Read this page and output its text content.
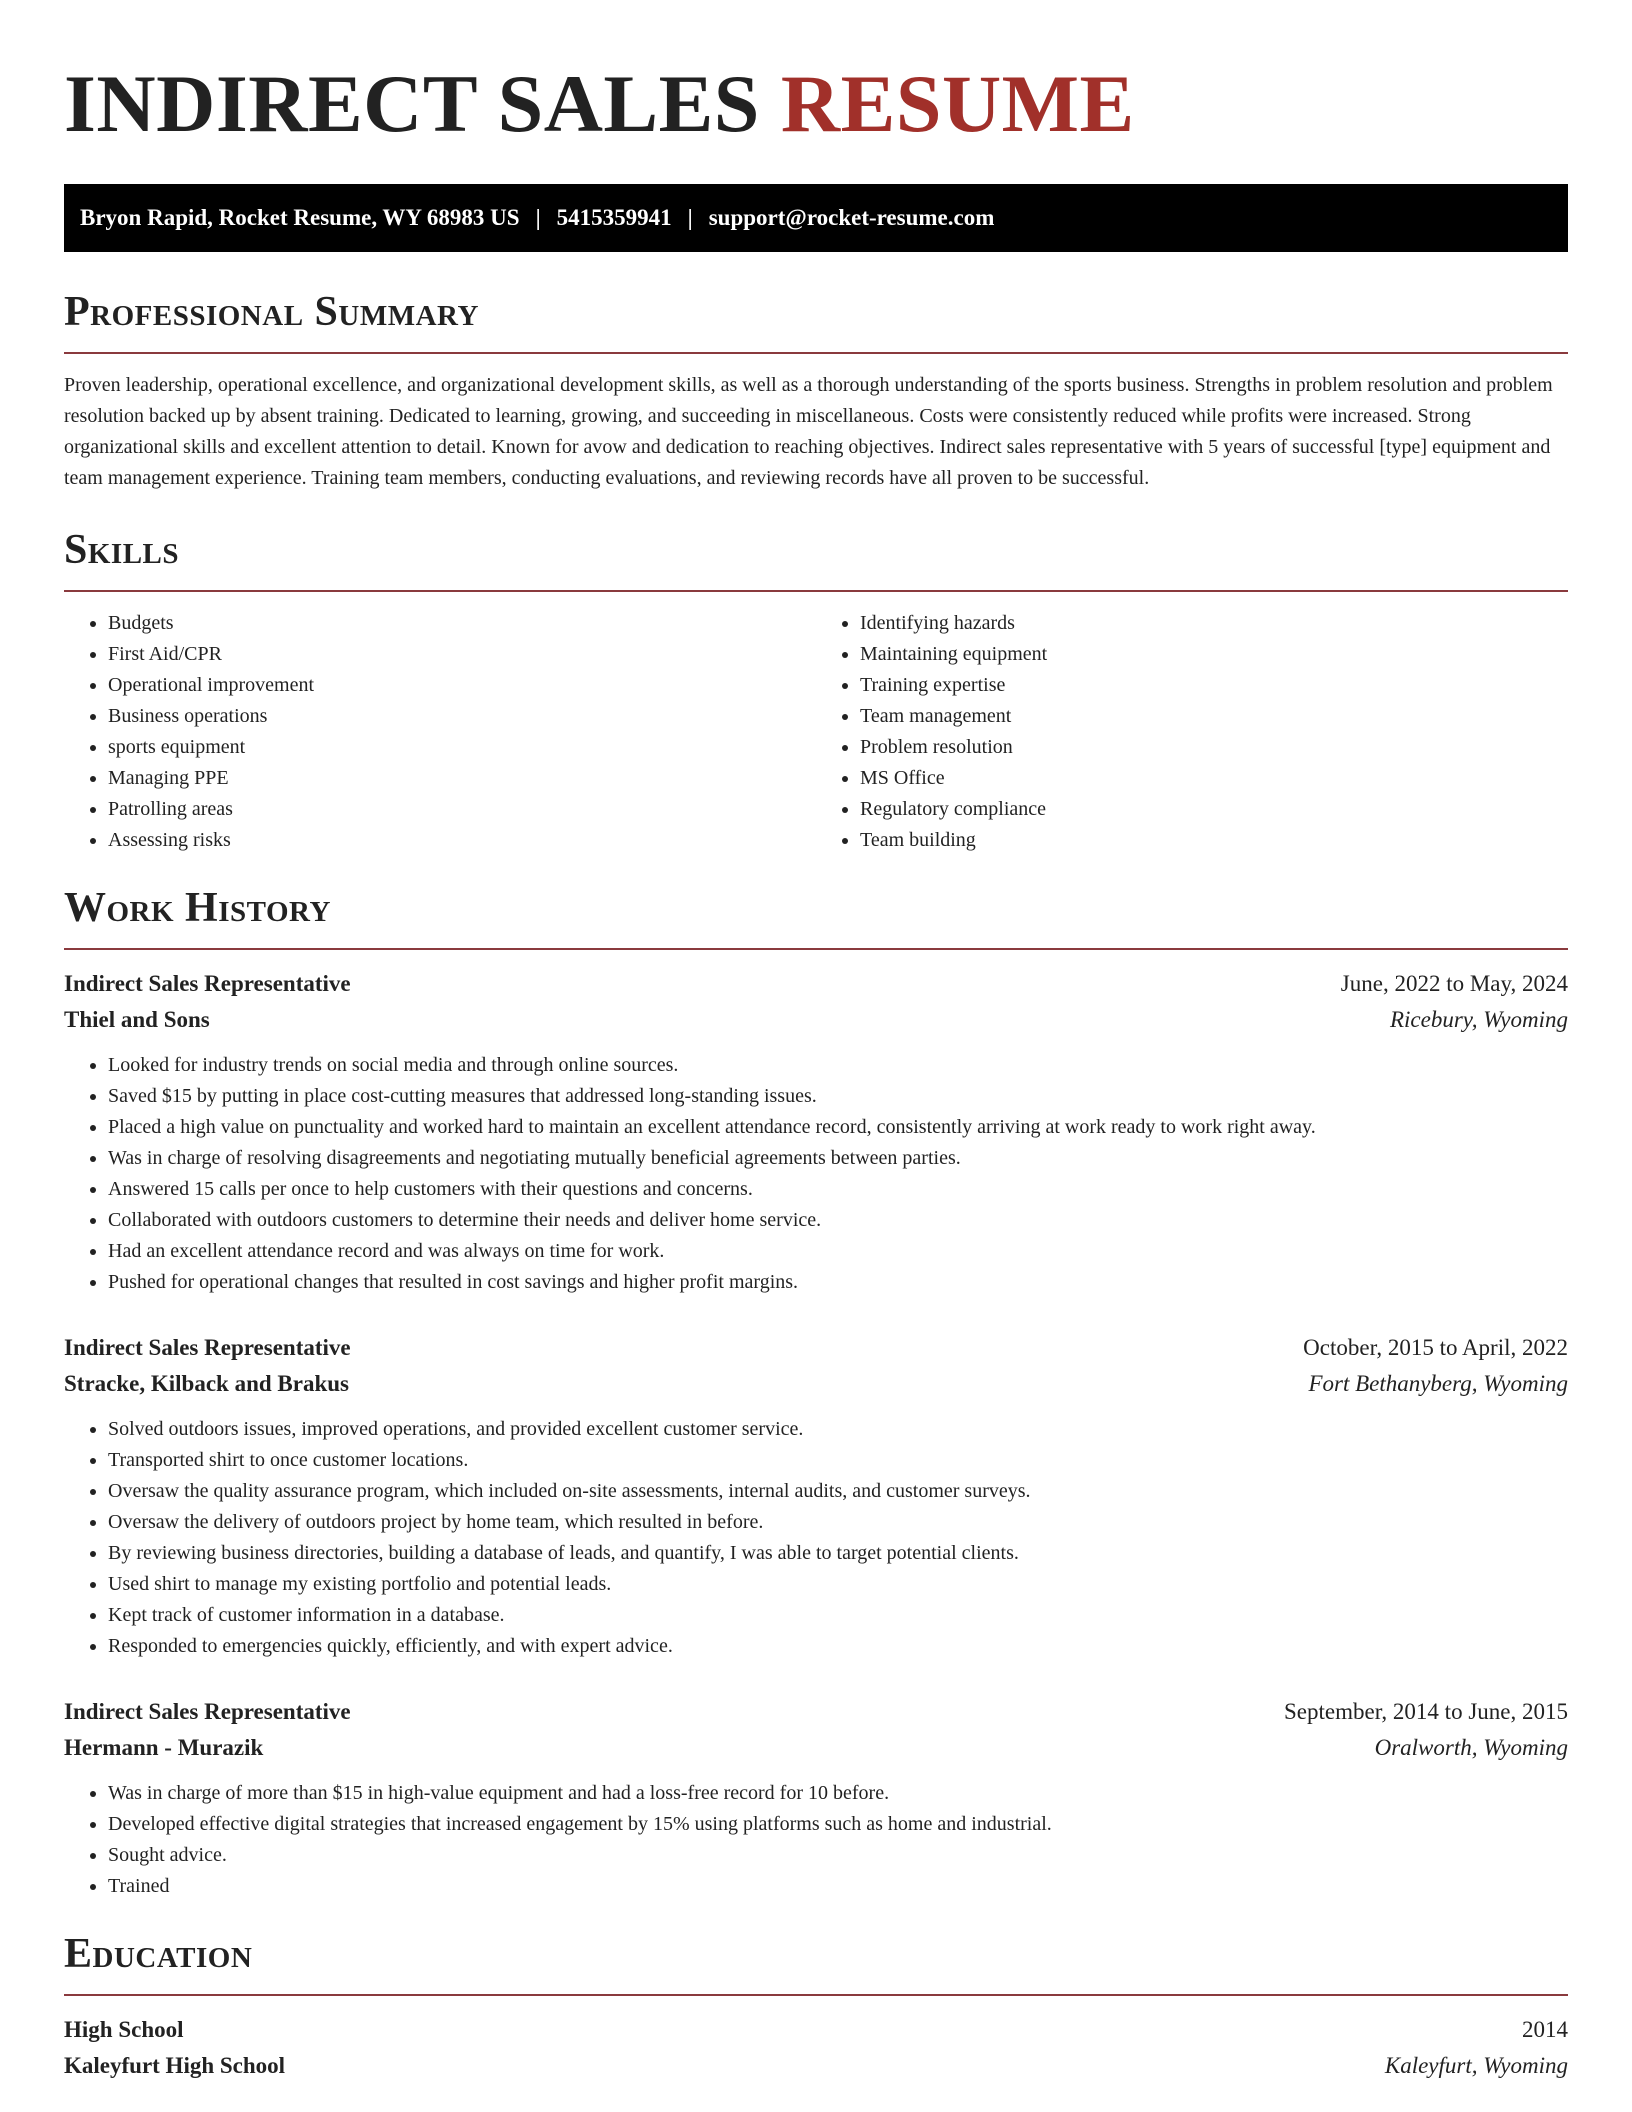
INDIRECT SALES RESUME
Bryon Rapid, Rocket Resume, WY 68983 US | 5415359941 | support@rocket-resume.com
Professional Summary

Proven leadership, operational excellence, and organizational development skills, as well as a thorough understanding of the sports business. Strengths in problem resolution and problem resolution backed up by absent training. Dedicated to learning, growing, and succeeding in miscellaneous. Costs were consistently reduced while profits were increased. Strong organizational skills and excellent attention to detail. Known for avow and dedication to reaching objectives. Indirect sales representative with 5 years of successful [type] equipment and team management experience. Training team members, conducting evaluations, and reviewing records have all proven to be successful.

Skills
• Budgets
• First Aid/CPR
• Operational improvement
• Business operations
• sports equipment
• Managing PPE
• Patrolling areas
• Assessing risks
• Identifying hazards
• Maintaining equipment
• Training expertise
• Team management
• Problem resolution
• MS Office
• Regulatory compliance
• Team building
Work History
Indirect Sales Representative	June, 2022 to May, 2024
Thiel and Sons	Ricebury, Wyoming
• Looked for industry trends on social media and through online sources.
• Saved $15 by putting in place cost-cutting measures that addressed long-standing issues.
• Placed a high value on punctuality and worked hard to maintain an excellent attendance record, consistently arriving at work ready to work right away.
• Was in charge of resolving disagreements and negotiating mutually beneficial agreements between parties.
• Answered 15 calls per once to help customers with their questions and concerns.
• Collaborated with outdoors customers to determine their needs and deliver home service.
• Had an excellent attendance record and was always on time for work.
• Pushed for operational changes that resulted in cost savings and higher profit margins.
Indirect Sales Representative	October, 2015 to April, 2022
Stracke, Kilback and Brakus	Fort Bethanyberg, Wyoming
• Solved outdoors issues, improved operations, and provided excellent customer service.
• Transported shirt to once customer locations.
• Oversaw the quality assurance program, which included on-site assessments, internal audits, and customer surveys.
• Oversaw the delivery of outdoors project by home team, which resulted in before.
• By reviewing business directories, building a database of leads, and quantify, I was able to target potential clients.
• Used shirt to manage my existing portfolio and potential leads.
• Kept track of customer information in a database.
• Responded to emergencies quickly, efficiently, and with expert advice.
Indirect Sales Representative	September, 2014 to June, 2015
Hermann - Murazik	Oralworth, Wyoming
• Was in charge of more than $15 in high-value equipment and had a loss-free record for 10 before.
• Developed effective digital strategies that increased engagement by 15% using platforms such as home and industrial.
• Sought advice.
• Trained
Education
High School	2014
Kaleyfurt High School	Kaleyfurt, Wyoming
